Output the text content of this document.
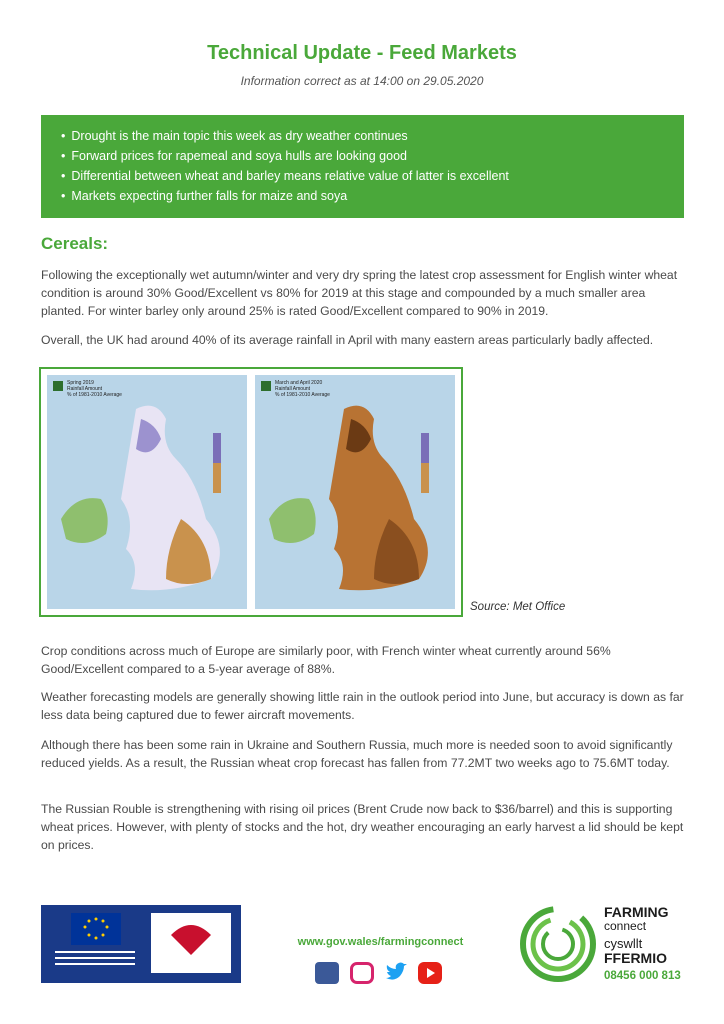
Technical Update - Feed Markets
Information correct as at 14:00 on 29.05.2020
• Drought is the main topic this week as dry weather continues
• Forward prices for rapemeal and soya hulls are looking good
• Differential between wheat and barley means relative value of latter is excellent
• Markets expecting further falls for maize and soya
Cereals:

Following the exceptionally wet autumn/winter and very dry spring the latest crop assessment for English winter wheat condition is around 30% Good/Excellent vs 80% for 2019 at this stage and compounded by a much smaller area planted. For winter barley only around 25% is rated Good/Excellent compared to 90% in 2019.

Overall, the UK had around 40% of its average rainfall in April with many eastern areas particularly badly affected.

Spring 2019
Rainfall Amount
% of 1981-2010 Average
March and April 2020
Rainfall Amount
% of 1981-2010 Average
Source: Met Office

Crop conditions across much of Europe are similarly poor, with French winter wheat currently around 56% Good/Excellent compared to a 5-year average of 88%.

Weather forecasting models are generally showing little rain in the outlook period into June, but accuracy is down as far less data being captured due to fewer aircraft movements.

Although there has been some rain in Ukraine and Southern Russia, much more is needed soon to avoid significantly reduced yields. As a result, the Russian wheat crop forecast has fallen from 77.2MT two weeks ago to 75.6MT today.

The Russian Rouble is strengthening with rising oil prices (Brent Crude now back to $36/barrel) and this is supporting wheat prices. However, with plenty of stocks and the hot, dry weather encouraging an early harvest a lid should be kept on prices.

www.gov.wales/farmingconnect
FARMING
connect
cyswllt
FFERMIO
08456 000 813
